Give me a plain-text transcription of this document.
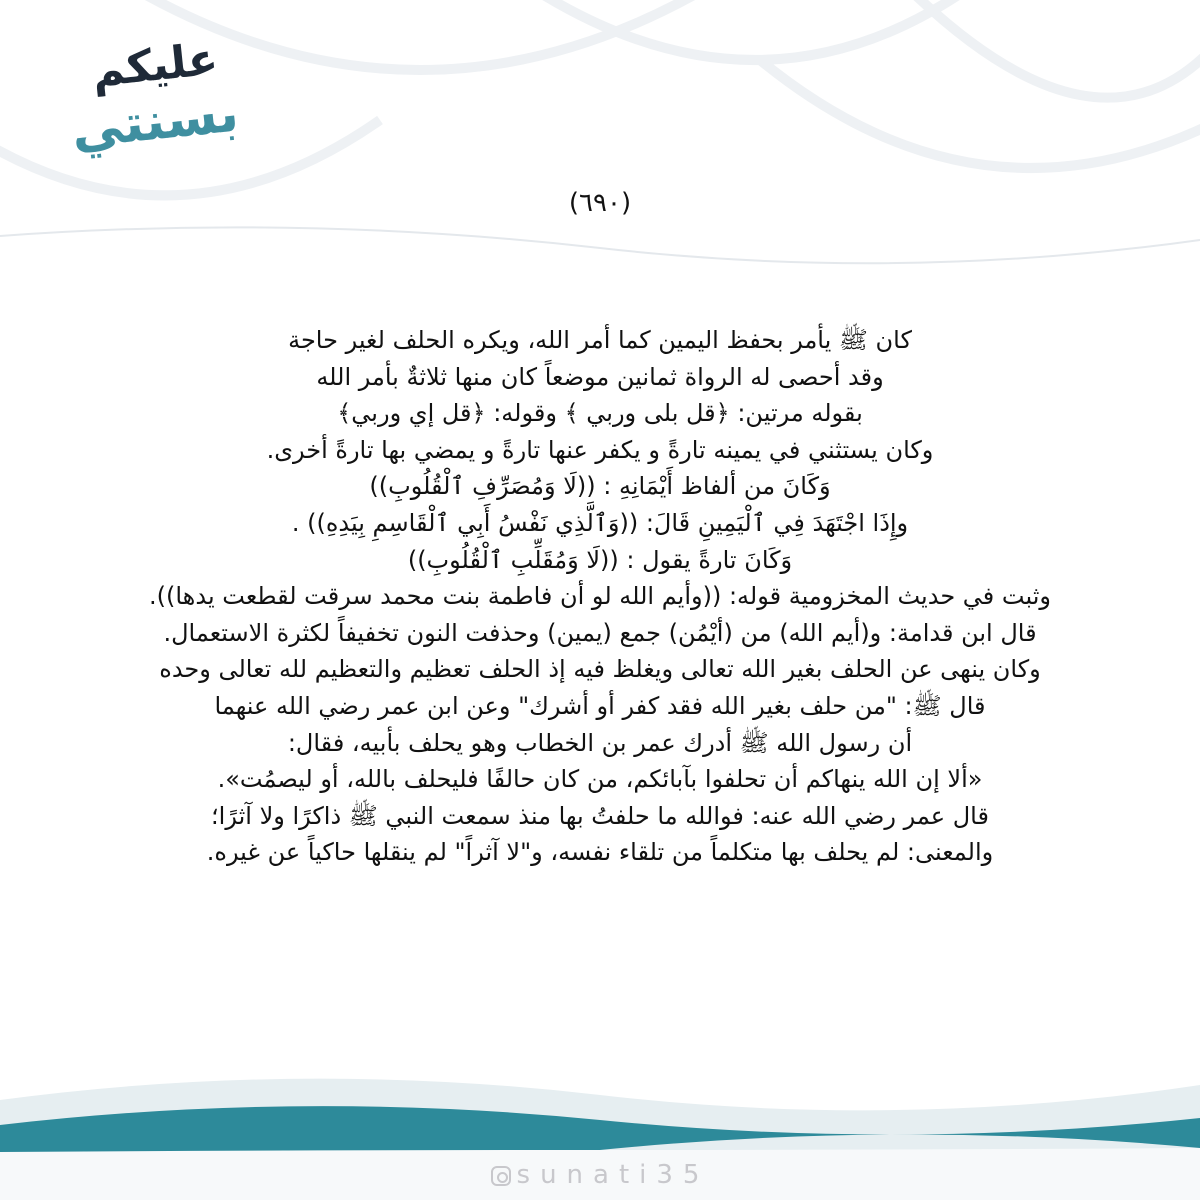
عليكم
بسنتي
(٦٩٠)
كان ﷺ يأمر بحفظ اليمين كما أمر الله، ويكره الحلف لغير حاجة
وقد أحصى له الرواة ثمانين موضعاً كان منها ثلاثةٌ بأمر الله
بقوله مرتين: ﴿قل بلى وربي ﴾ وقوله: ﴿قل إي وربي﴾
وكان يستثني في يمينه تارةً و يكفر عنها تارةً و يمضي بها تارةً أخرى.
وَكَانَ من ألفاظ أَيْمَانِهِ : ((لَا وَمُصَرِّفِ ٱلْقُلُوبِ))
وإِذَا اجْتَهَدَ فِي ٱلْيَمِينِ قَالَ: ((وَٱلَّذِي نَفْسُ أَبِي ٱلْقَاسِمِ بِيَدِهِ)) .
وَكَانَ تارةً يقول : ((لَا وَمُقَلِّبِ ٱلْقُلُوبِ))
وثبت في حديث المخزومية قوله: ((وأيم الله لو أن فاطمة بنت محمد سرقت لقطعت يدها)).
قال ابن قدامة: و(أيم الله) من (أيْمُن) جمع (يمين) وحذفت النون تخفيفاً لكثرة الاستعمال.
وكان ينهى عن الحلف بغير الله تعالى ويغلظ فيه إذ الحلف تعظيم والتعظيم لله تعالى وحده
قال ﷺ: "من حلف بغير الله فقد كفر أو أشرك" وعن ابن عمر رضي الله عنهما
أن رسول الله ﷺ أدرك عمر بن الخطاب وهو يحلف بأبيه، فقال:
«ألا إن الله ينهاكم أن تحلفوا بآبائكم، من كان حالفًا فليحلف بالله، أو ليصمُت».
قال عمر رضي الله عنه: فوالله ما حلفتُ بها منذ سمعت النبي ﷺ ذاكرًا ولا آثرًا؛
والمعنى: لم يحلف بها متكلماً من تلقاء نفسه، و"لا آثراً" لم ينقلها حاكياً عن غيره.
sunati35
